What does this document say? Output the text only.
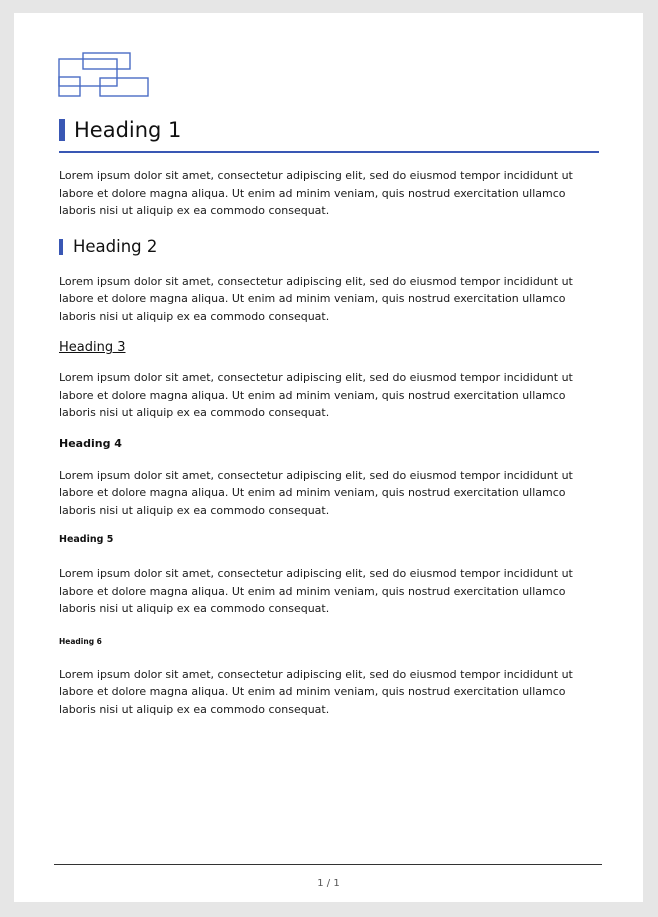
Heading 1

Lorem ipsum dolor sit amet, consectetur adipiscing elit, sed do eiusmod tempor incididunt ut labore et dolore magna aliqua. Ut enim ad minim veniam, quis nostrud exercitation ullamco laboris nisi ut aliquip ex ea commodo consequat.

Heading 2

Lorem ipsum dolor sit amet, consectetur adipiscing elit, sed do eiusmod tempor incididunt ut labore et dolore magna aliqua. Ut enim ad minim veniam, quis nostrud exercitation ullamco laboris nisi ut aliquip ex ea commodo consequat.

Heading 3

Lorem ipsum dolor sit amet, consectetur adipiscing elit, sed do eiusmod tempor incididunt ut labore et dolore magna aliqua. Ut enim ad minim veniam, quis nostrud exercitation ullamco laboris nisi ut aliquip ex ea commodo consequat.

Heading 4

Lorem ipsum dolor sit amet, consectetur adipiscing elit, sed do eiusmod tempor incididunt ut labore et dolore magna aliqua. Ut enim ad minim veniam, quis nostrud exercitation ullamco laboris nisi ut aliquip ex ea commodo consequat.

Heading 5

Lorem ipsum dolor sit amet, consectetur adipiscing elit, sed do eiusmod tempor incididunt ut labore et dolore magna aliqua. Ut enim ad minim veniam, quis nostrud exercitation ullamco laboris nisi ut aliquip ex ea commodo consequat.

Heading 6

Lorem ipsum dolor sit amet, consectetur adipiscing elit, sed do eiusmod tempor incididunt ut labore et dolore magna aliqua. Ut enim ad minim veniam, quis nostrud exercitation ullamco laboris nisi ut aliquip ex ea commodo consequat.

1 / 1
